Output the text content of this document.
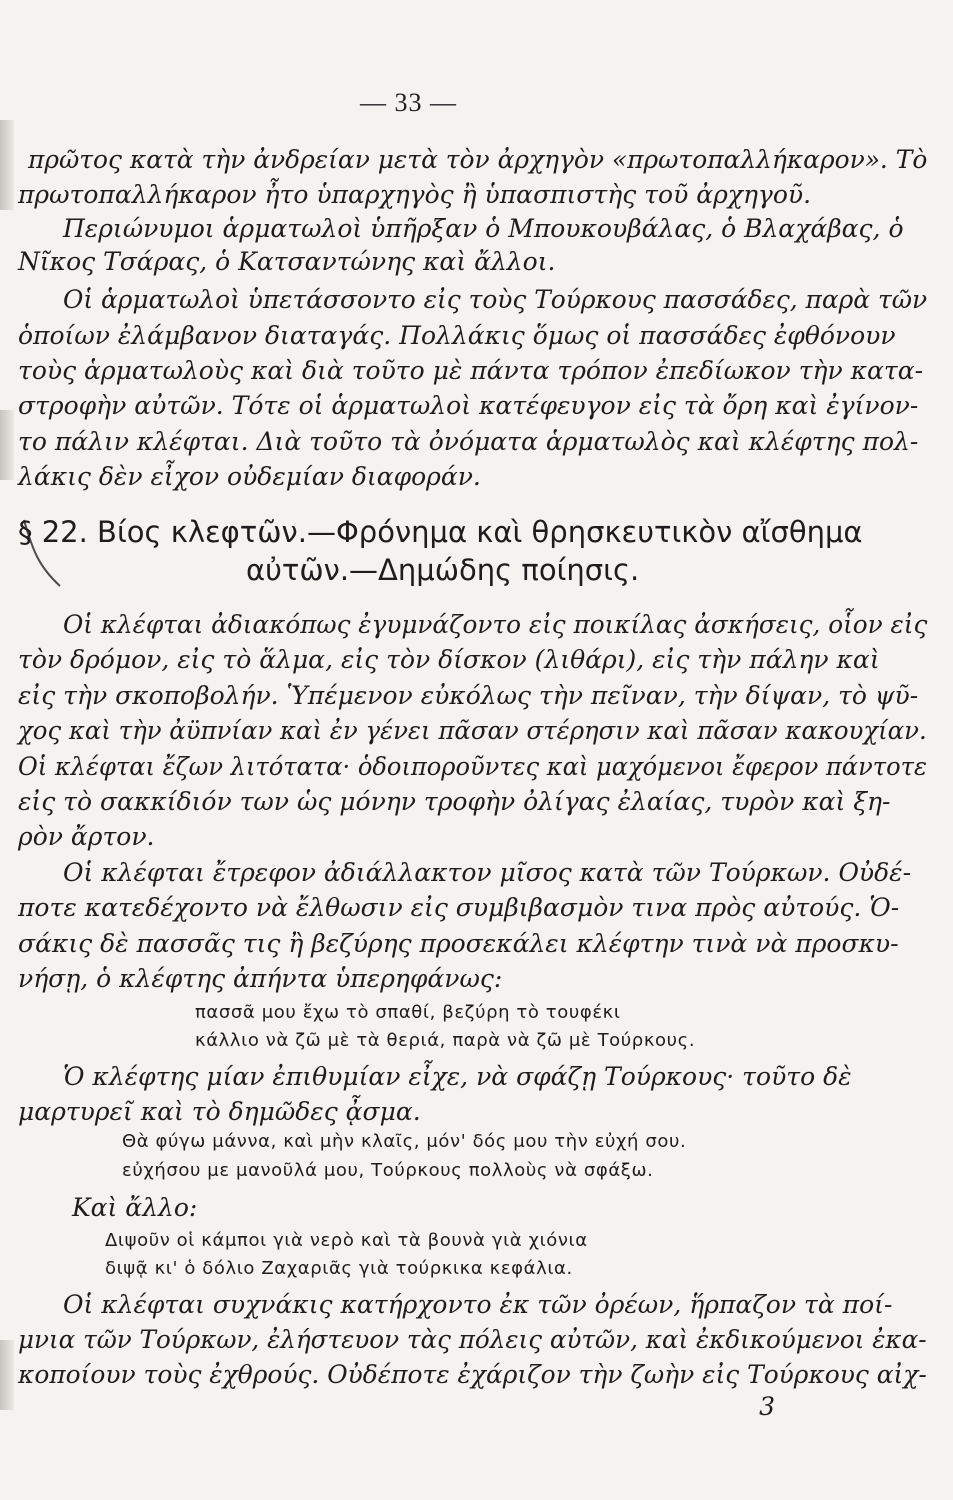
— 33 —
πρῶτος κατὰ τὴν ἀνδρείαν μετὰ τὸν ἀρχηγὸν «πρωτοπαλλήκαρον». Τὸ
πρωτοπαλλήκαρον ἦτο ὑπαρχηγὸς ἢ ὑπασπιστὴς τοῦ ἀρχηγοῦ.
Περιώνυμοι ἁρματωλοὶ ὑπῆρξαν ὁ Μπουκουβάλας, ὁ Βλαχάβας, ὁ
Νῖκος Τσάρας, ὁ Κατσαντώνης καὶ ἄλλοι.
Οἱ ἁρματωλοὶ ὑπετάσσοντο εἰς τοὺς Τούρκους πασσάδες, παρὰ τῶν
ὁποίων ἐλάμβανον διαταγάς. Πολλάκις ὅμως οἱ πασσάδες ἐφθόνουν
τοὺς ἁρματωλοὺς καὶ διὰ τοῦτο μὲ πάντα τρόπον ἐπεδίωκον τὴν κατα-
στροφὴν αὐτῶν. Τότε οἱ ἁρματωλοὶ κατέφευγον εἰς τὰ ὄρη καὶ ἐγίνον-
το πάλιν κλέφται. Διὰ τοῦτο τὰ ὀνόματα ἁρματωλὸς καὶ κλέφτης πολ-
λάκις δὲν εἶχον οὐδεμίαν διαφοράν.
§ 22. Βίος κλεφτῶν.—Φρόνημα καὶ θρησκευτικὸν αἴσθημα
αὐτῶν.—Δημώδης ποίησις.
Οἱ κλέφται ἀδιακόπως ἐγυμνάζοντο εἰς ποικίλας ἀσκήσεις, οἷον εἰς
τὸν δρόμον, εἰς τὸ ἅλμα, εἰς τὸν δίσκον (λιθάρι), εἰς τὴν πάλην καὶ
εἰς τὴν σκοποβολήν. Ὑπέμενον εὐκόλως τὴν πεῖναν, τὴν δίψαν, τὸ ψῦ-
χος καὶ τὴν ἀϋπνίαν καὶ ἐν γένει πᾶσαν στέρησιν καὶ πᾶσαν κακουχίαν.
Οἱ κλέφται ἔζων λιτότατα· ὁδοιποροῦντες καὶ μαχόμενοι ἔφερον πάντοτε
εἰς τὸ σακκίδιόν των ὡς μόνην τροφὴν ὀλίγας ἐλαίας, τυρὸν καὶ ξη-
ρὸν ἄρτον.
Οἱ κλέφται ἔτρεφον ἀδιάλλακτον μῖσος κατὰ τῶν Τούρκων. Οὐδέ-
ποτε κατεδέχοντο νὰ ἔλθωσιν εἰς συμβιβασμὸν τινα πρὸς αὐτούς. Ὁ-
σάκις δὲ πασσᾶς τις ἢ βεζύρης προσεκάλει κλέφτην τινὰ νὰ προσκυ-
νήσῃ, ὁ κλέφτης ἀπήντα ὑπερηφάνως:
πασσᾶ μου ἔχω τὸ σπαθί, βεζύρη τὸ τουφέκι
κάλλιο νὰ ζῶ μὲ τὰ θεριά, παρὰ νὰ ζῶ μὲ Τούρκους.
Ὁ κλέφτης μίαν ἐπιθυμίαν εἶχε, νὰ σφάζῃ Τούρκους· τοῦτο δὲ
μαρτυρεῖ καὶ τὸ δημῶδες ᾆσμα.
Θὰ φύγω μάννα, καὶ μὴν κλαῖς, μόν' δός μου τὴν εὐχή σου.
εὐχήσου με μανοῦλά μου, Τούρκους πολλοὺς νὰ σφάξω.
Καὶ ἄλλο:
Διψοῦν οἱ κάμποι γιὰ νερὸ καὶ τὰ βουνὰ γιὰ χιόνια
διψᾷ κι' ὁ δόλιο Ζαχαριᾶς γιὰ τούρκικα κεφάλια.
Οἱ κλέφται συχνάκις κατήρχοντο ἐκ τῶν ὀρέων, ἥρπαζον τὰ ποί-
μνια τῶν Τούρκων, ἐλήστευον τὰς πόλεις αὐτῶν, καὶ ἐκδικούμενοι ἐκα-
κοποίουν τοὺς ἐχθρούς. Οὐδέποτε ἐχάριζον τὴν ζωὴν εἰς Τούρκους αἰχ-
3
